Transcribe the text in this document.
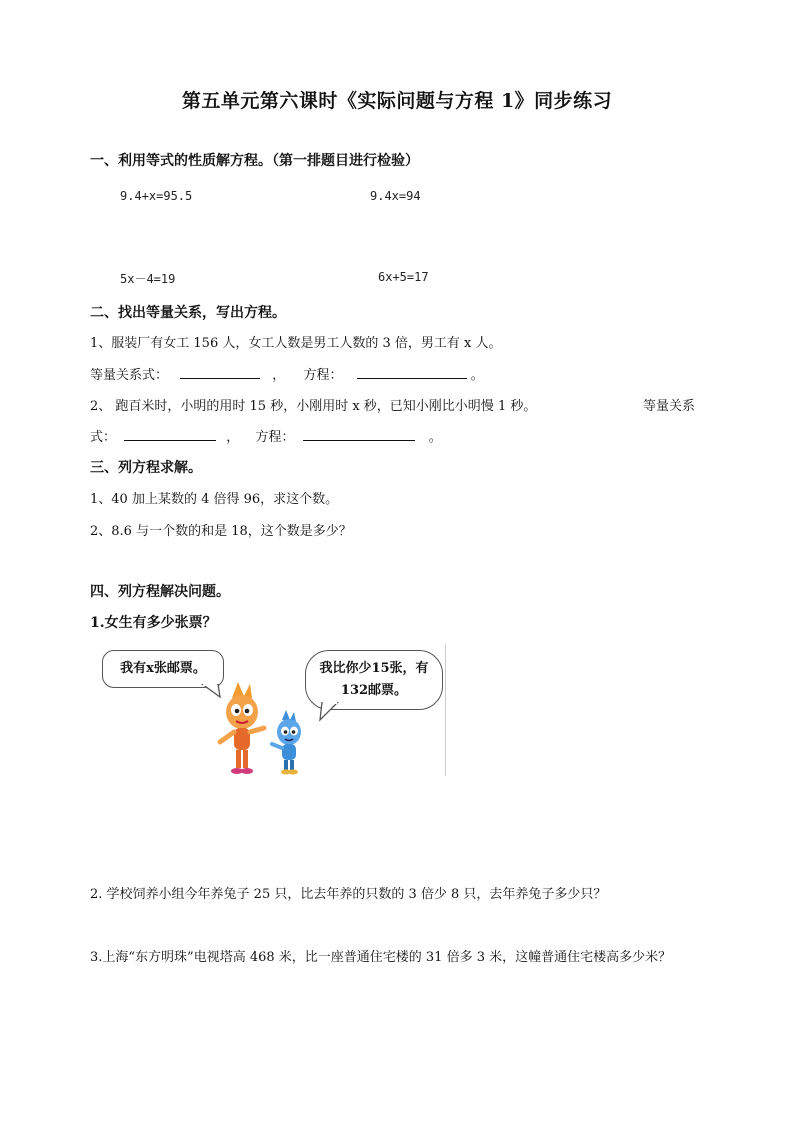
第五单元第六课时《实际问题与方程 1》同步练习
一、利用等式的性质解方程。（第一排题目进行检验）
9.4+x=95.5	9.4x=94
5x－4=19	6x+5=17
二、找出等量关系，写出方程。
1、服装厂有女工 156 人，女工人数是男工人数的 3 倍，男工有 x 人。
等量关系式：	， 方程：	。
2、 跑百米时，小明的用时 15 秒，小刚用时 x 秒，已知小刚比小明慢 1 秒。	等量关系
式：	， 方程：	。
三、列方程求解。
1、40 加上某数的 4 倍得 96，求这个数。
2、8.6 与一个数的和是 18，这个数是多少？
四、列方程解决问题。
1.女生有多少张票？
我有x张邮票。	我比你少15张，有
132邮票。
2. 学校饲养小组今年养兔子 25 只，比去年养的只数的 3 倍少 8 只，去年养兔子多少只？
3.上海“东方明珠”电视塔高 468 米，比一座普通住宅楼的 31 倍多 3 米，这幢普通住宅楼高多少米？
